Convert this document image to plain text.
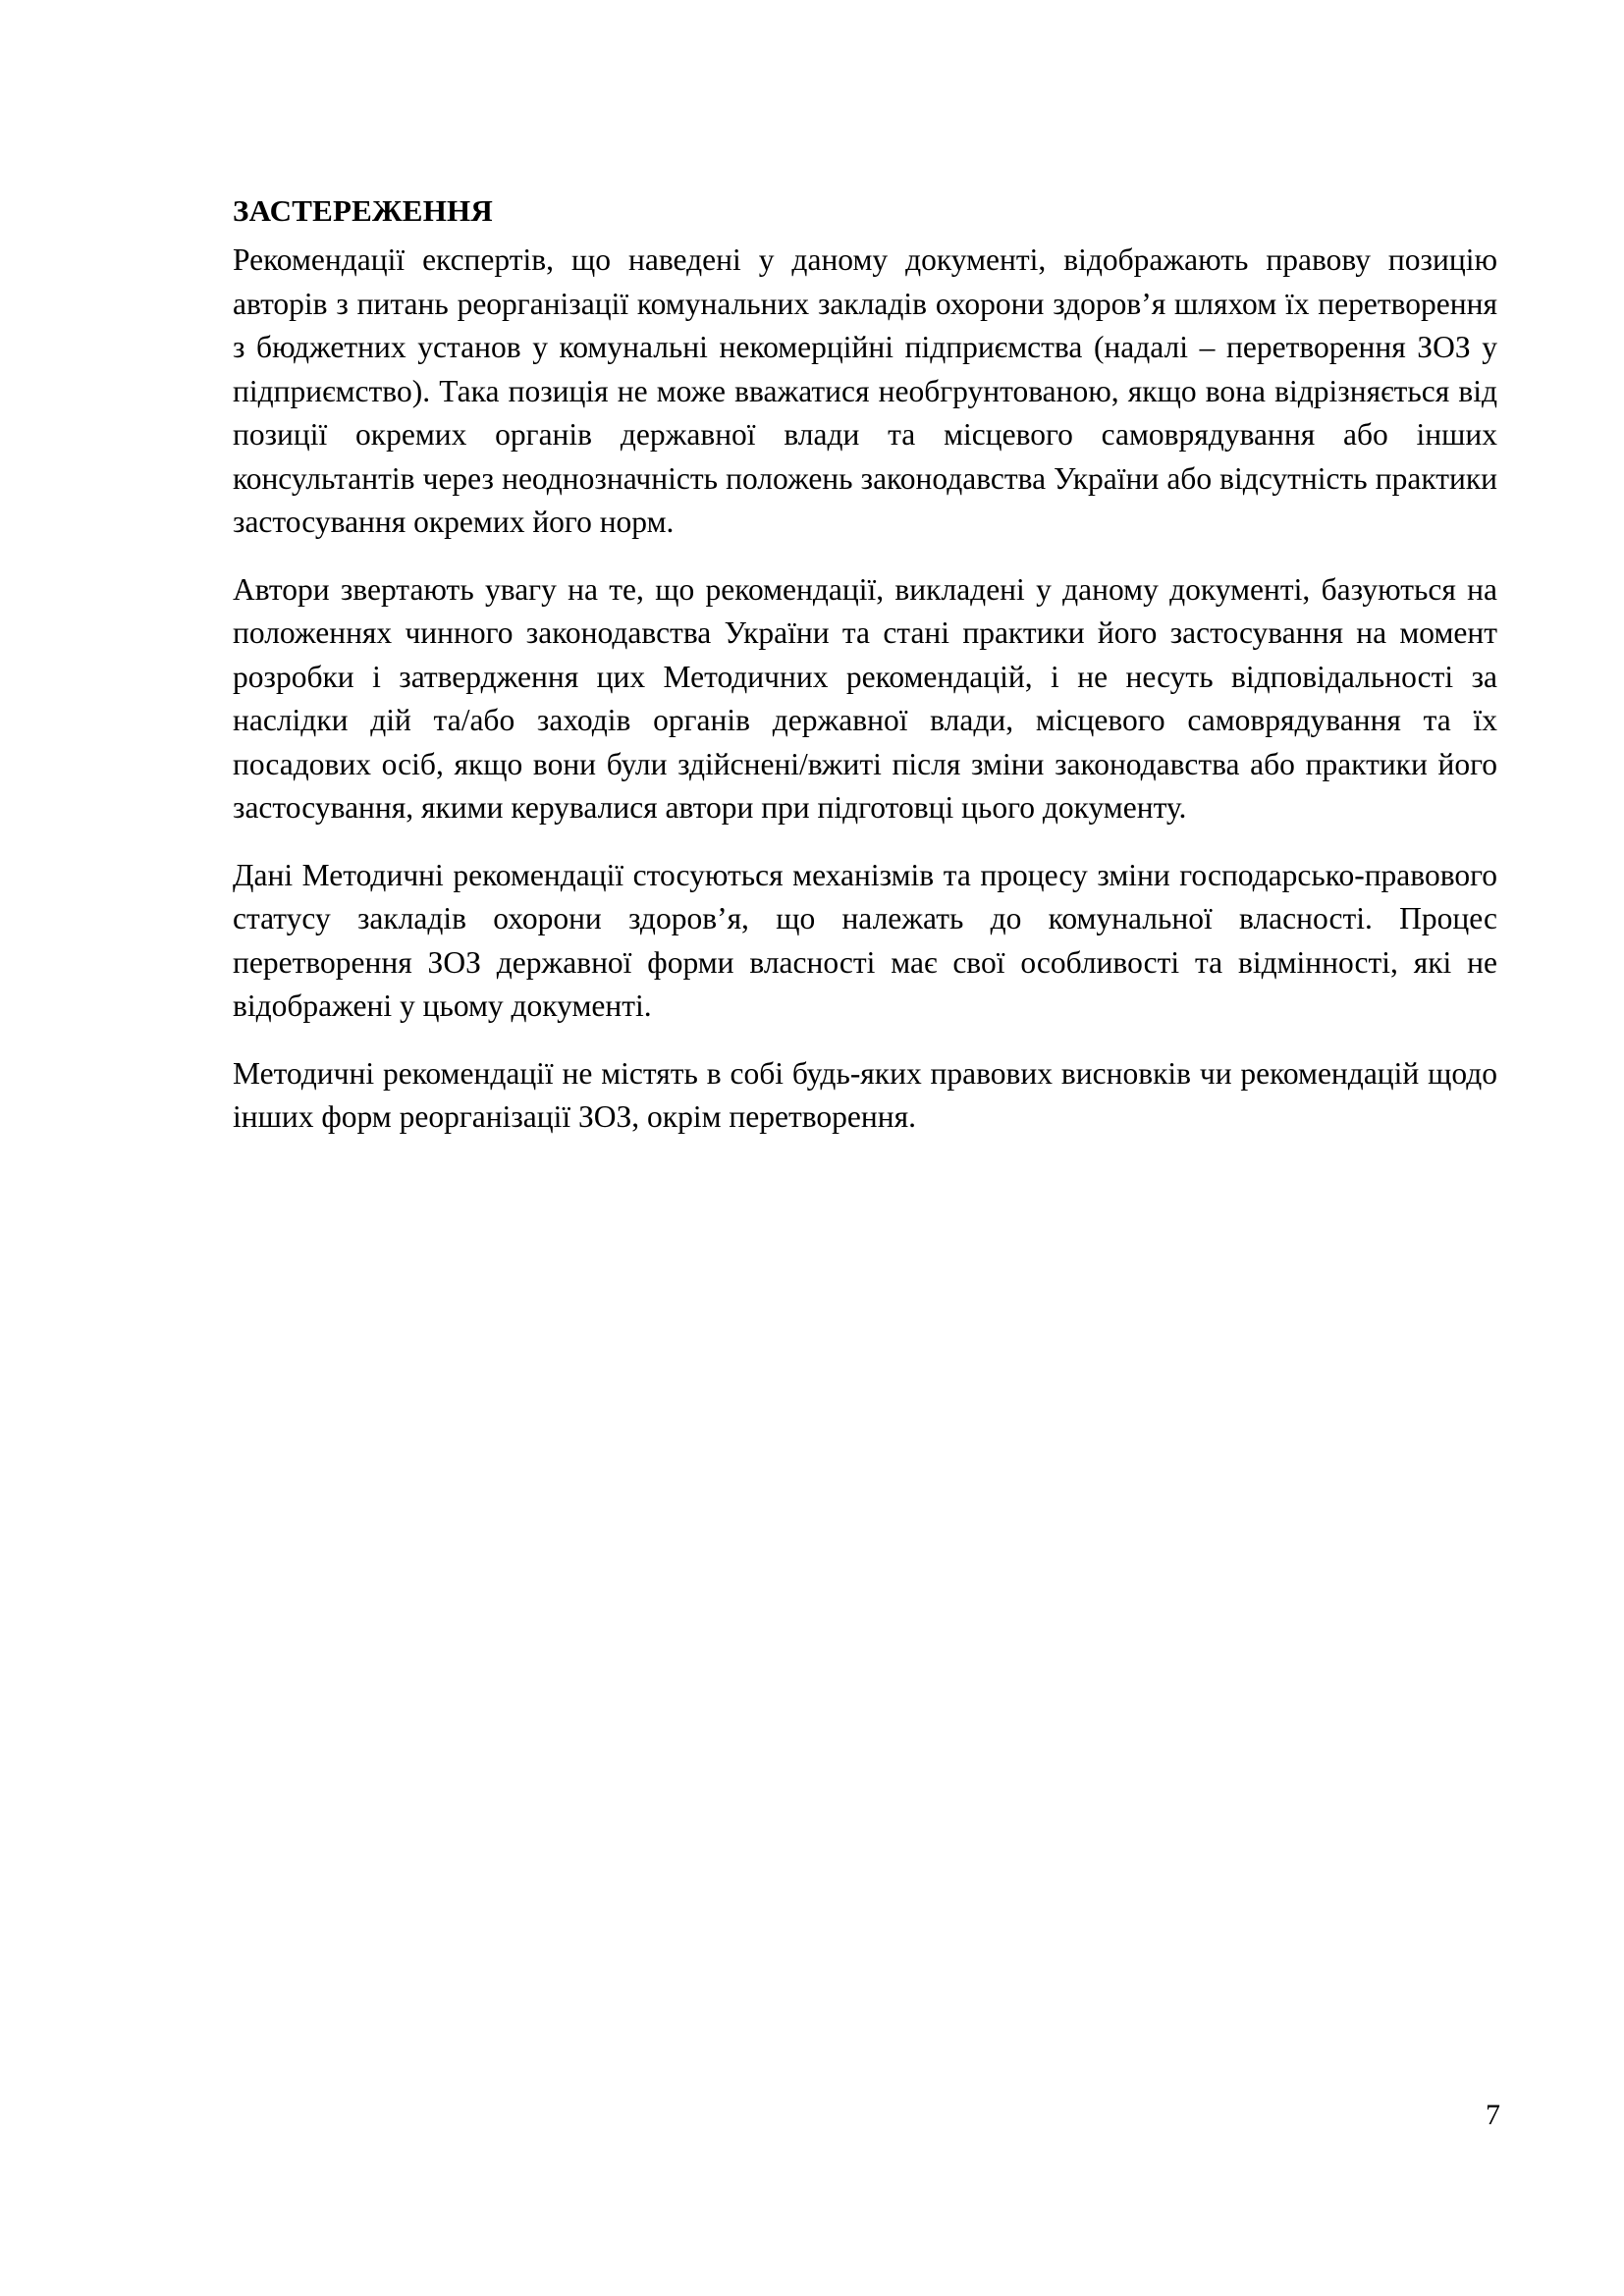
ЗАСТЕРЕЖЕННЯ

Рекомендації експертів, що наведені у даному документі, відображають правову позицію авторів з питань реорганізації комунальних закладів охорони здоров’я шляхом їх перетворення з бюджетних установ у комунальні некомерційні підприємства (надалі – перетворення ЗОЗ у підприємство). Така позиція не може вважатися необгрунтованою, якщо вона відрізняється від позиції окремих органів державної влади та місцевого самоврядування або інших консультантів через неоднозначність положень законодавства України або відсутність практики застосування окремих його норм.

Автори звертають увагу на те, що рекомендації, викладені у даному документі, базуються на положеннях чинного законодавства України та стані практики його застосування на момент розробки і затвердження цих Методичних рекомендацій, і не несуть відповідальності за наслідки дій та/або заходів органів державної влади, місцевого самоврядування та їх посадових осіб, якщо вони були здійснені/вжиті після зміни законодавства або практики його застосування, якими керувалися автори при підготовці цього документу.

Дані Методичні рекомендації стосуються механізмів та процесу зміни господарсько-правового статусу закладів охорони здоров’я, що належать до комунальної власності. Процес перетворення ЗОЗ державної форми власності має свої особливості та відмінності, які не відображені у цьому документі.

Методичні рекомендації не містять в собі будь-яких правових висновків чи рекомендацій щодо інших форм реорганізації ЗОЗ, окрім перетворення.

7
